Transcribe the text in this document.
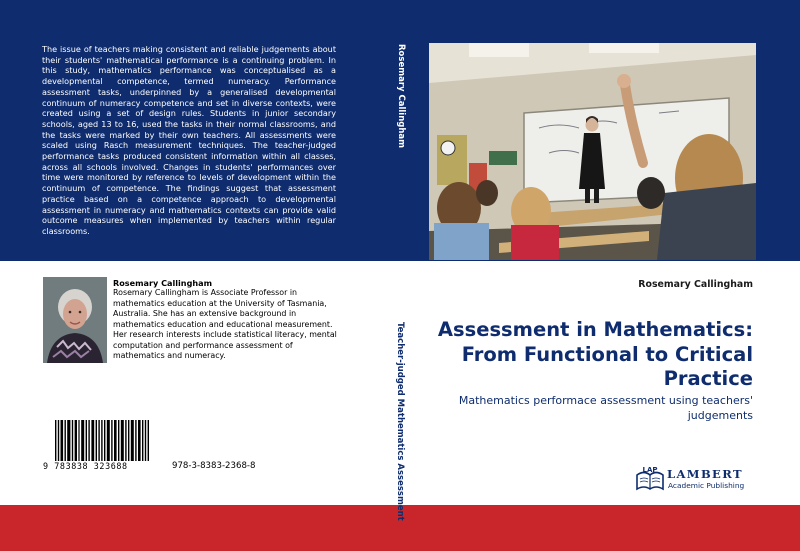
The issue of teachers making consistent and reliable judgements about their students' mathematical performance is a continuing problem. In this study, mathematics performance was conceptualised as a developmental competence, termed numeracy. Performance assessment tasks, underpinned by a generalised developmental continuum of numeracy competence and set in diverse contexts, were created using a set of design rules. Students in junior secondary schools, aged 13 to 16, used the tasks in their normal classrooms, and the tasks were marked by their own teachers. All assessments were scaled using Rasch measurement techniques. The teacher-judged performance tasks produced consistent information within all classes, across all schools involved. Changes in students' performances over time were monitored by reference to levels of development within the continuum of competence. The findings suggest that assessment practice based on a competence approach to developmental assessment in numeracy and mathematics contexts can provide valid outcome measures when implemented by teachers within regular classrooms.

Rosemary Callingham
Teacher-judged Mathematics Assessment
Rosemary Callingham

Rosemary Callingham is Associate Professor in mathematics education at the University of Tasmania, Australia. She has an extensive background in mathematics education and educational measurement. Her research interests include statistical literacy, mental computation and performance assessment of mathematics and numeracy.

9 783838 323688	978-3-8383-2368-8
Rosemary Callingham

Assessment in Mathematics: From Functional to Critical Practice

Mathematics performace assessment using teachers' judgements

LAP LAMBERT
Academic Publishing
